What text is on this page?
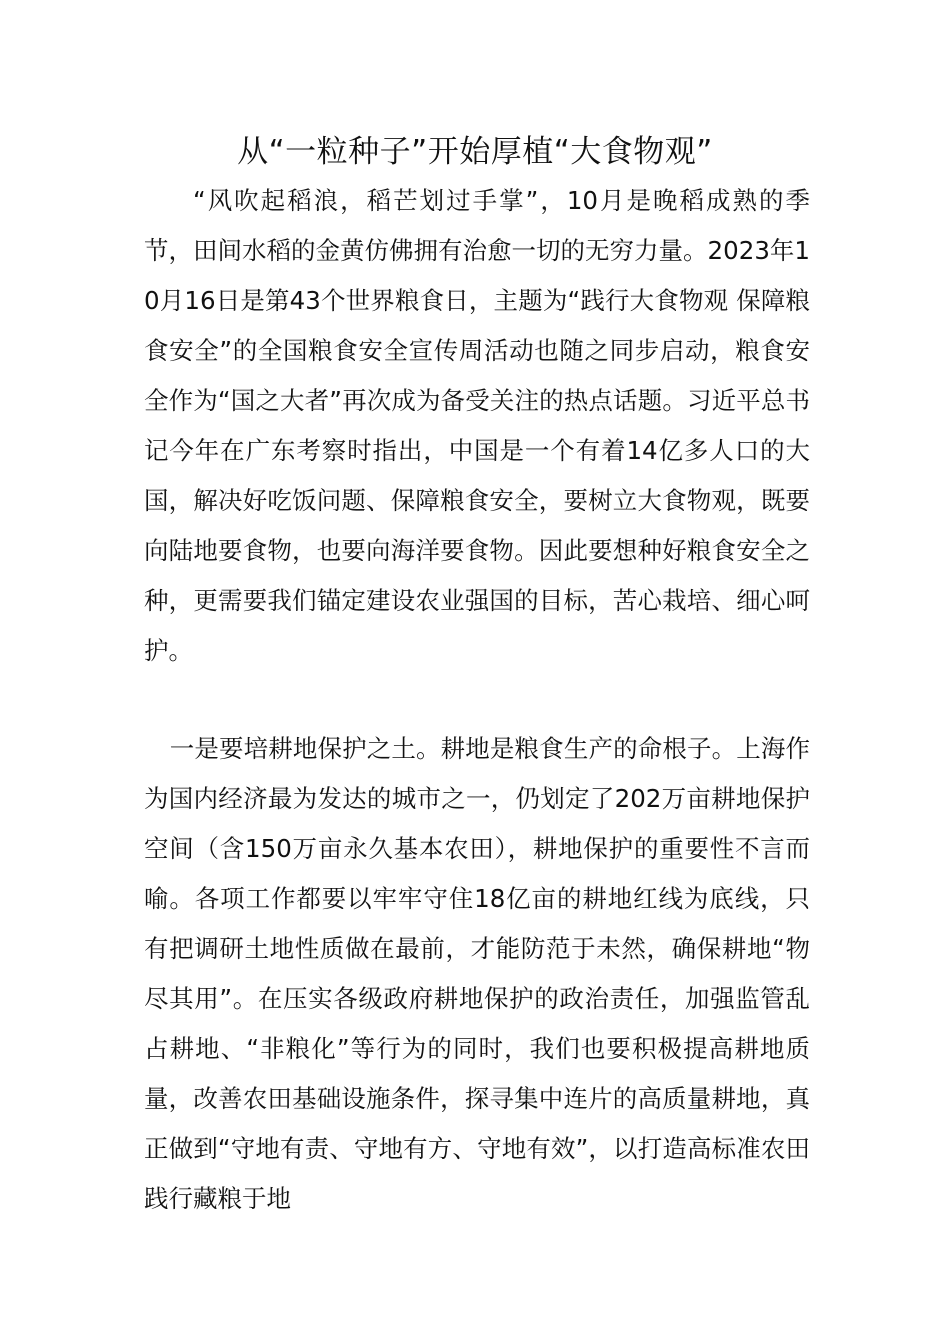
从“一粒种子”开始厚植“大食物观”

“风吹起稻浪，稻芒划过手掌”，10月是晚稻成熟的季节，田间水稻的金黄仿佛拥有治愈一切的无穷力量。2023年10月16日是第43个世界粮食日，主题为“践行大食物观 保障粮食安全”的全国粮食安全宣传周活动也随之同步启动，粮食安全作为“国之大者”再次成为备受关注的热点话题。习近平总书记今年在广东考察时指出，中国是一个有着14亿多人口的大国，解决好吃饭问题、保障粮食安全，要树立大食物观，既要向陆地要食物，也要向海洋要食物。因此要想种好粮食安全之种，更需要我们锚定建设农业强国的目标，苦心栽培、细心呵护。

一是要培耕地保护之土。耕地是粮食生产的命根子。上海作为国内经济最为发达的城市之一，仍划定了202万亩耕地保护空间（含150万亩永久基本农田），耕地保护的重要性不言而喻。各项工作都要以牢牢守住18亿亩的耕地红线为底线，只有把调研土地性质做在最前，才能防范于未然，确保耕地“物尽其用”。在压实各级政府耕地保护的政治责任，加强监管乱占耕地、“非粮化”等行为的同时，我们也要积极提高耕地质量，改善农田基础设施条件，探寻集中连片的高质量耕地，真正做到“守地有责、守地有方、守地有效”，以打造高标准农田践行藏粮于地
